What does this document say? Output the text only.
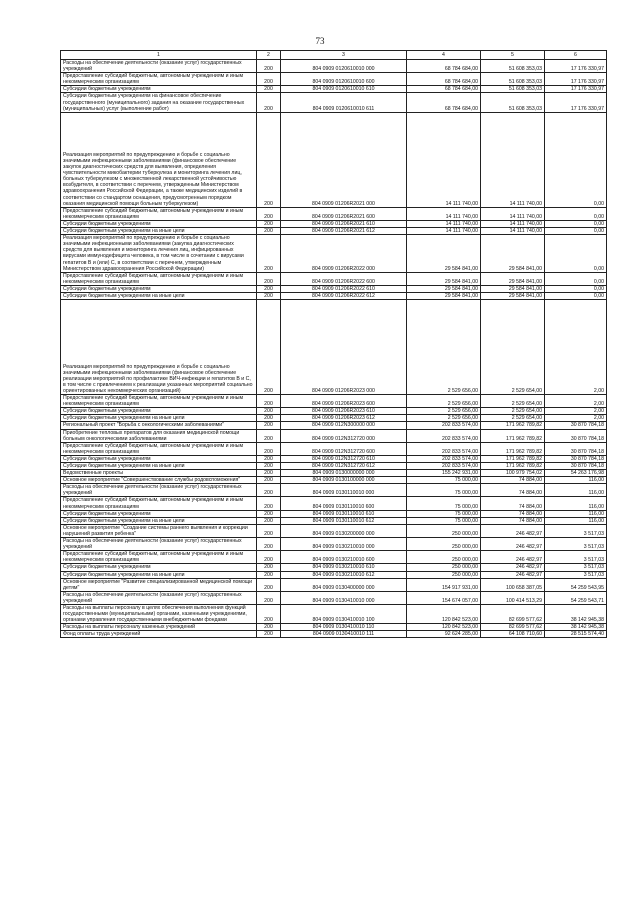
73
1	2	3	4	5	6
Расходы на обеспечение деятельности (оказание услуг) государственных учреждений	200	804 0909 0120610010 000	68 784 684,00	51 608 353,03	17 176 330,97
Предоставление субсидий бюджетным, автономным учреждениям и иным некоммерческим организациям	200	804 0909 0120610010 600	68 784 684,00	51 608 353,03	17 176 330,97
Субсидии бюджетным учреждениям	200	804 0909 0120610010 610	68 784 684,00	51 608 353,03	17 176 330,97
Субсидии бюджетным учреждениям на финансовое обеспечение государственного (муниципального) задания на оказание государственных (муниципальных) услуг (выполнение работ)	200	804 0909 0120610010 611	68 784 684,00	51 608 353,03	17 176 330,97
Реализация мероприятий по предупреждению и борьбе с социально значимыми инфекционными заболеваниями (финансовое обеспечение закупок диагностических средств для выявления, определения чувствительности микобактерии туберкулеза и мониторинга лечения лиц, больных туберкулезом с множественной лекарственной устойчивостью возбудителя, в соответствии с перечнем, утвержденным Министерством здравоохранения Российской Федерации, а также медицинских изделий в соответствии со стандартом оснащения, предусмотренным порядком оказания медицинской помощи больным туберкулезом)	200	804 0909 01206R2021 000	14 111 740,00	14 111 740,00	0,00
Предоставление субсидий бюджетным, автономным учреждениям и иным некоммерческим организациям	200	804 0909 01206R2021 600	14 111 740,00	14 111 740,00	0,00
Субсидии бюджетным учреждениям	200	804 0909 01206R2021 610	14 111 740,00	14 111 740,00	0,00
Субсидии бюджетным учреждениям на иные цели	200	804 0909 01206R2021 612	14 111 740,00	14 111 740,00	0,00
Реализация мероприятий по предупреждению и борьбе с социально значимыми инфекционными заболеваниями (закупка диагностических средств для выявления и мониторинга лечения лиц, инфицированных вирусами иммунодефицита человека, в том числе в сочетании с вирусами гепатитов B и (или) C, в соответствии с перечнем, утвержденным Министерством здравоохранения Российской Федерации)	200	804 0909 01206R2022 000	29 584 841,00	29 584 841,00	0,00
Предоставление субсидий бюджетным, автономным учреждениям и иным некоммерческим организациям	200	804 0909 01206R2022 600	29 584 841,00	29 584 841,00	0,00
Субсидии бюджетным учреждениям	200	804 0909 01206R2022 610	29 584 841,00	29 584 841,00	0,00
Субсидии бюджетным учреждениям на иные цели	200	804 0909 01206R2022 612	29 584 841,00	29 584 841,00	0,00
Реализация мероприятий по предупреждению и борьбе с социально значимыми инфекционными заболеваниями (финансовое обеспечение реализации мероприятий по профилактике ВИЧ-инфекции и гепатитов B и C, в том числе с привлечением к реализации указанных мероприятий социально ориентированных некоммерческих организаций)	200	804 0909 01206R2023 000	2 529 656,00	2 529 654,00	2,00
Предоставление субсидий бюджетным, автономным учреждениям и иным некоммерческим организациям	200	804 0909 01206R2023 600	2 529 656,00	2 529 654,00	2,00
Субсидии бюджетным учреждениям	200	804 0909 01206R2023 610	2 529 656,00	2 529 654,00	2,00
Субсидии бюджетным учреждениям на иные цели	200	804 0909 01206R2023 612	2 529 656,00	2 529 654,00	2,00
Региональный проект "Борьба с онкологическими заболеваниями"	200	804 0909 012N300000 000	202 833 574,00	171 962 789,82	30 870 784,18
Приобретение тепловых препаратов для оказания медицинской помощи больным онкологическими заболеваниями	200	804 0909 012N312720 000	202 833 574,00	171 962 789,82	30 870 784,18
Предоставление субсидий бюджетным, автономным учреждениям и иным некоммерческим организациям	200	804 0909 012N312720 600	202 833 574,00	171 962 789,82	30 870 784,18
Субсидии бюджетным учреждениям	200	804 0909 012N312720 610	202 833 574,00	171 962 789,82	30 870 784,18
Субсидии бюджетным учреждениям на иные цели	200	804 0909 012N312720 612	202 833 574,00	171 962 789,82	30 870 784,18
Ведомственные проекты	200	804 0909 0130000000 000	155 242 931,00	100 979 754,02	54 263 176,98
Основное мероприятие "Совершенствование службы родовспоможения"	200	804 0909 0130100000 000	75 000,00	74 884,00	116,00
Расходы на обеспечение деятельности (оказание услуг) государственных учреждений	200	804 0909 0130110010 000	75 000,00	74 884,00	116,00
Предоставление субсидий бюджетным, автономным учреждениям и иным некоммерческим организациям	200	804 0909 0130110010 600	75 000,00	74 884,00	116,00
Субсидии бюджетным учреждениям	200	804 0909 0130110010 610	75 000,00	74 884,00	116,00
Субсидии бюджетным учреждениям на иные цели	200	804 0909 0130110010 612	75 000,00	74 884,00	116,00
Основное мероприятие "Создание системы раннего выявления и коррекции нарушений развития ребенка"	200	804 0909 0130200000 000	250 000,00	246 482,97	3 517,03
Расходы на обеспечение деятельности (оказание услуг) государственных учреждений	200	804 0909 0130210010 000	250 000,00	246 482,97	3 517,03
Предоставление субсидий бюджетным, автономным учреждениям и иным некоммерческим организациям	200	804 0909 0130210010 600	250 000,00	246 482,97	3 517,03
Субсидии бюджетным учреждениям	200	804 0909 0130210010 610	250 000,00	246 482,97	3 517,03
Субсидии бюджетным учреждениям на иные цели	200	804 0909 0130210010 612	250 000,00	246 482,97	3 517,03
Основное мероприятие "Развитие специализированной медицинской помощи детям"	200	804 0909 0130400000 000	154 917 931,00	100 658 387,05	54 259 543,95
Расходы на обеспечение деятельности (оказание услуг) государственных учреждений	200	804 0909 0130410010 000	154 674 057,00	100 414 513,29	54 259 543,71
Расходы на выплаты персоналу в целях обеспечения выполнения функций государственными (муниципальными) органами, казенными учреждениями, органами управления государственными внебюджетными фондами	200	804 0909 0130410010 100	120 842 523,00	82 699 577,62	38 142 945,38
Расходы на выплаты персоналу казенных учреждений	200	804 0909 0130410010 110	120 842 523,00	82 699 577,62	38 142 945,38
Фонд оплаты труда учреждений	200	804 0909 0130410010 111	92 624 285,00	64 108 710,60	28 515 574,40
